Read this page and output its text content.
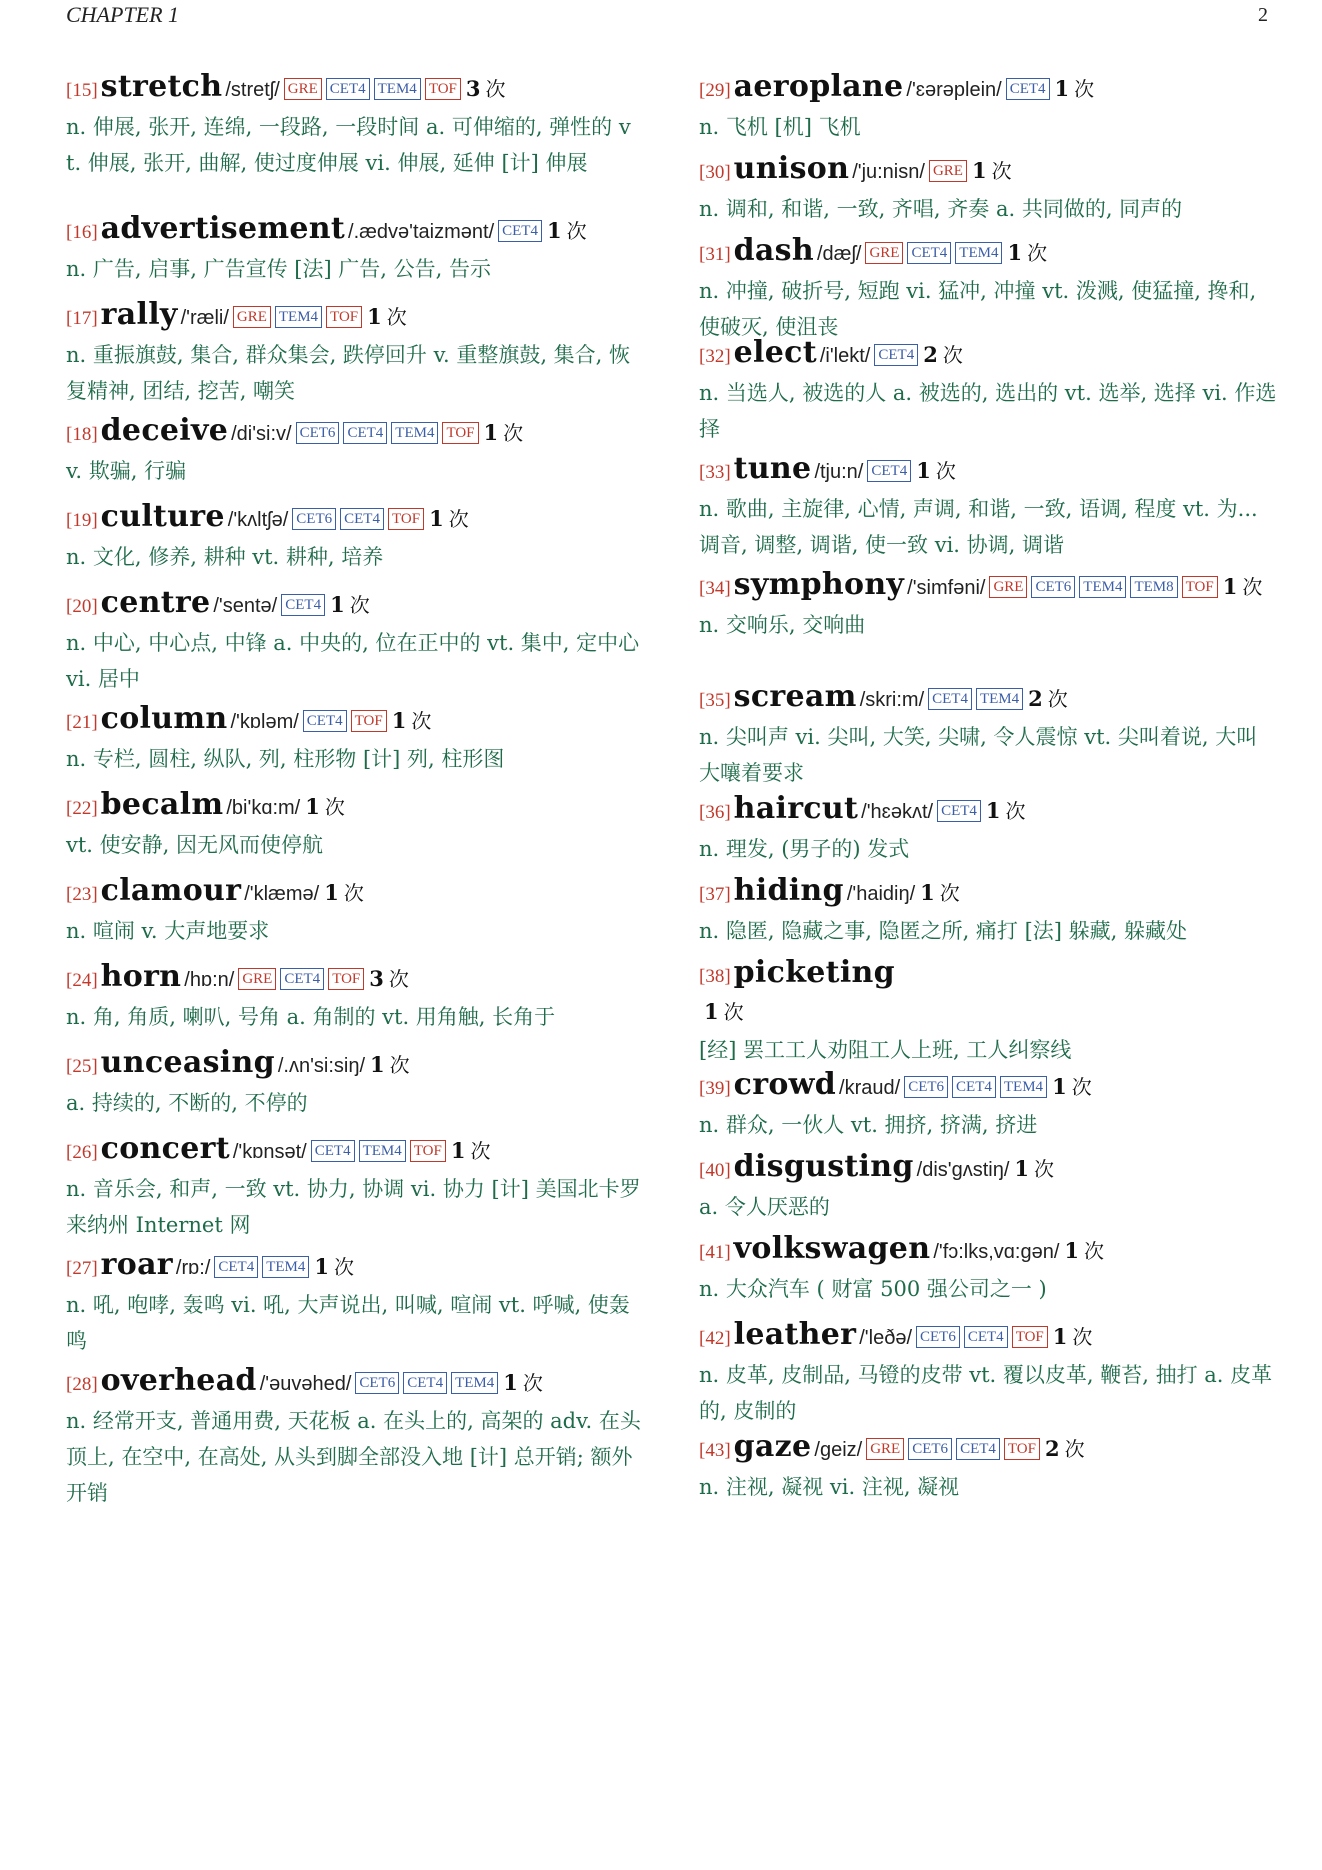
CHAPTER 1	2
[15] stretch /stretʃ/ GRE CET4 TEM4 TOF 3 次
n. 伸展, 张开, 连绵, 一段路, 一段时间 a. 可伸缩的, 弹性的 vt. 伸展, 张开, 曲解, 使过度伸展 vi. 伸展, 延伸 [计] 伸展
[16] advertisement /.ædvə'taizmənt/ CET4 1 次
n. 广告, 启事, 广告宣传 [法] 广告, 公告, 告示
[17] rally /'ræli/ GRE TEM4 TOF 1 次
n. 重振旗鼓, 集合, 群众集会, 跌停回升 v. 重整旗鼓, 集合, 恢复精神, 团结, 挖苦, 嘲笑
[18] deceive /di'si:v/ CET6 CET4 TEM4 TOF 1 次
v. 欺骗, 行骗
[19] culture /'kʌltʃə/ CET6 CET4 TOF 1 次
n. 文化, 修养, 耕种 vt. 耕种, 培养
[20] centre /'sentə/ CET4 1 次
n. 中心, 中心点, 中锋 a. 中央的, 位在正中的 vt. 集中, 定中心 vi. 居中
[21] column /'kɒləm/ CET4 TOF 1 次
n. 专栏, 圆柱, 纵队, 列, 柱形物 [计] 列, 柱形图
[22] becalm /bi'kɑ:m/ 1 次
vt. 使安静, 因无风而使停航
[23] clamour /'klæmə/ 1 次
n. 喧闹 v. 大声地要求
[24] horn /hɒ:n/ GRE CET4 TOF 3 次
n. 角, 角质, 喇叭, 号角 a. 角制的 vt. 用角触, 长角于
[25] unceasing /.ʌn'si:siŋ/ 1 次
a. 持续的, 不断的, 不停的
[26] concert /'kɒnsət/ CET4 TEM4 TOF 1 次
n. 音乐会, 和声, 一致 vt. 协力, 协调 vi. 协力 [计] 美国北卡罗来纳州 Internet 网
[27] roar /rɒ:/ CET4 TEM4 1 次
n. 吼, 咆哮, 轰鸣 vi. 吼, 大声说出, 叫喊, 喧闹 vt. 呼喊, 使轰鸣
[28] overhead /'əuvəhed/ CET6 CET4 TEM4 1 次
n. 经常开支, 普通用费, 天花板 a. 在头上的, 高架的 adv. 在头顶上, 在空中, 在高处, 从头到脚全部没入地 [计] 总开销; 额外开销
[29] aeroplane /'ɛərəplein/ CET4 1 次
n. 飞机 [机] 飞机
[30] unison /'ju:nisn/ GRE 1 次
n. 调和, 和谐, 一致, 齐唱, 齐奏 a. 共同做的, 同声的
[31] dash /dæʃ/ GRE CET4 TEM4 1 次
n. 冲撞, 破折号, 短跑 vi. 猛冲, 冲撞 vt. 泼溅, 使猛撞, 搀和, 使破灭, 使沮丧
[32] elect /i'lekt/ CET4 2 次
n. 当选人, 被选的人 a. 被选的, 选出的 vt. 选举, 选择 vi. 作选择
[33] tune /tju:n/ CET4 1 次
n. 歌曲, 主旋律, 心情, 声调, 和谐, 一致, 语调, 程度 vt. 为... 调音, 调整, 调谐, 使一致 vi. 协调, 调谐
[34] symphony /'simfəni/ GRE CET6 TEM4 TEM8 TOF 1 次
n. 交响乐, 交响曲
[35] scream /skri:m/ CET4 TEM4 2 次
n. 尖叫声 vi. 尖叫, 大笑, 尖啸, 令人震惊 vt. 尖叫着说, 大叫大嚷着要求
[36] haircut /'hɛəkʌt/ CET4 1 次
n. 理发, (男子的) 发式
[37] hiding /'haidiŋ/ 1 次
n. 隐匿, 隐藏之事, 隐匿之所, 痛打 [法] 躲藏, 躲藏处
[38] picketing
1 次
[经] 罢工工人劝阻工人上班, 工人纠察线
[39] crowd /kraud/ CET6 CET4 TEM4 1 次
n. 群众, 一伙人 vt. 拥挤, 挤满, 挤进
[40] disgusting /dis'gʌstiŋ/ 1 次
a. 令人厌恶的
[41] volkswagen /'fɔ:lks,vɑ:gən/ 1 次
n. 大众汽车 ( 财富 500 强公司之一 )
[42] leather /'leðə/ CET6 CET4 TOF 1 次
n. 皮革, 皮制品, 马镫的皮带 vt. 覆以皮革, 鞭苔, 抽打 a. 皮革的, 皮制的
[43] gaze /geiz/ GRE CET6 CET4 TOF 2 次
n. 注视, 凝视 vi. 注视, 凝视
